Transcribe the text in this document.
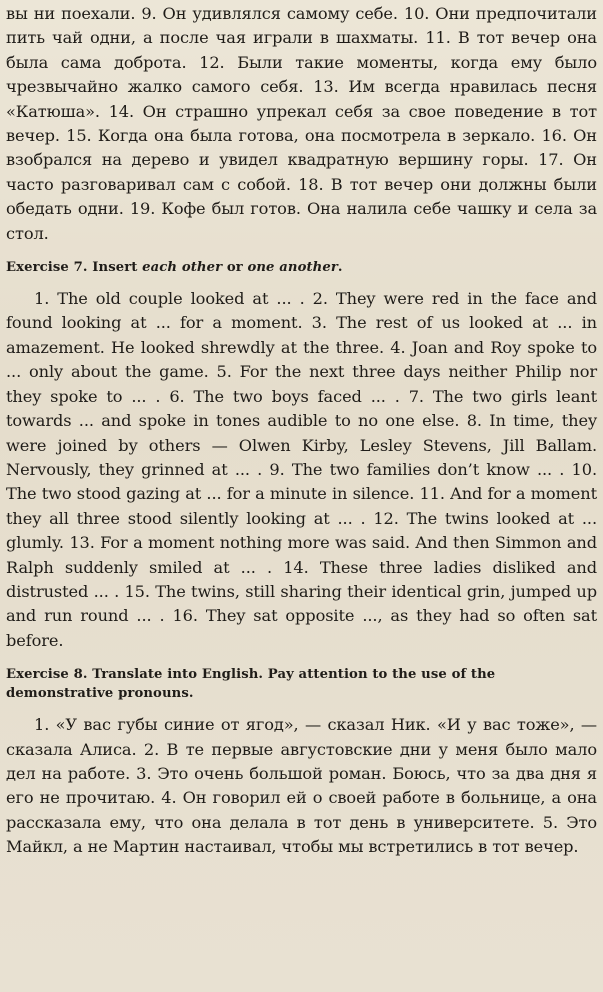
вы ни поехали. 9. Он удивлялся самому себе. 10. Они предпочитали пить чай одни, а после чая играли в шахматы. 11. В тот вечер она была сама доброта. 12. Были такие моменты, когда ему было чрезвычайно жалко самого себя. 13. Им всегда нравилась песня «Катюша». 14. Он страшно упрекал себя за свое поведение в тот вечер. 15. Когда она была готова, она посмотрела в зеркало. 16. Он взобрался на дерево и увидел квадратную вершину горы. 17. Он часто разговаривал сам с собой. 18. В тот вечер они должны были обедать одни. 19. Кофе был готов. Она налила себе чашку и села за стол.

Exercise 7. Insert each other or one another.

1. The old couple looked at ... . 2. They were red in the face and found looking at ... for a moment. 3. The rest of us looked at ... in amazement. He looked shrewdly at the three. 4. Joan and Roy spoke to ... only about the game. 5. For the next three days neither Philip nor they spoke to ... . 6. The two boys faced ... . 7. The two girls leant towards ... and spoke in tones audible to no one else. 8. In time, they were joined by others — Olwen Kirby, Lesley Stevens, Jill Ballam. Nervously, they grinned at ... . 9. The two families don’t know ... . 10. The two stood gazing at ... for a minute in silence. 11. And for a moment they all three stood silently looking at ... . 12. The twins looked at ... glumly. 13. For a moment nothing more was said. And then Simmon and Ralph suddenly smiled at ... . 14. These three ladies disliked and distrusted ... . 15. The twins, still sharing their identical grin, jumped up and run round ... . 16. They sat opposite ..., as they had so often sat before.

Exercise 8. Translate into English. Pay attention to the use of the demonstrative pronouns.

1. «У вас губы синие от ягод», — сказал Ник. «И у вас тоже», — сказала Алиса. 2. В те первые августовские дни у меня было мало дел на работе. 3. Это очень большой роман. Боюсь, что за два дня я его не прочитаю. 4. Он говорил ей о своей работе в больнице, а она рассказала ему, что она делала в тот день в университете. 5. Это Майкл, а не Мартин настаивал, чтобы мы встретились в тот вечер.
